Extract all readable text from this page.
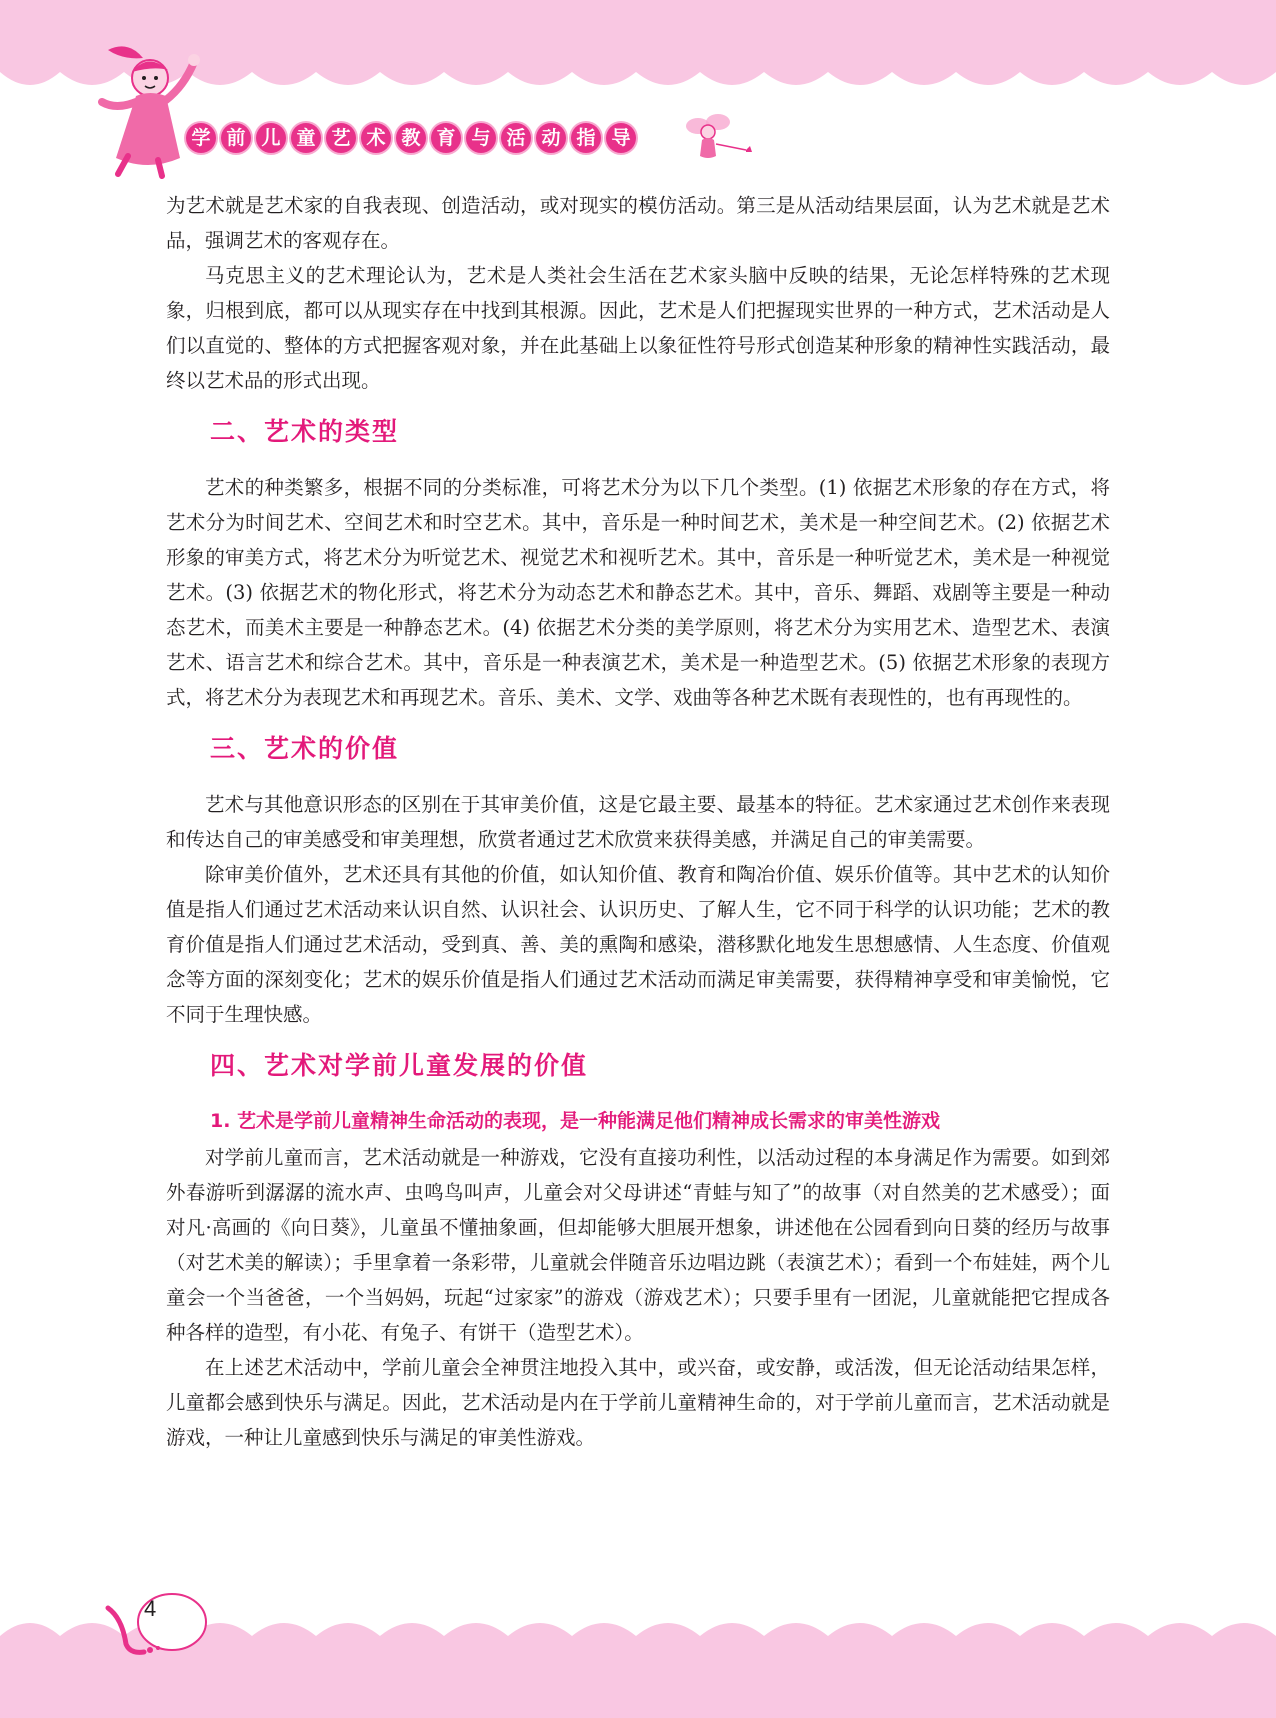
学 前 儿 童 艺 术 教 育 与 活 动 指 导

为艺术就是艺术家的自我表现、创造活动，或对现实的模仿活动。第三是从活动结果层面，认为艺术就是艺术品，强调艺术的客观存在。

马克思主义的艺术理论认为，艺术是人类社会生活在艺术家头脑中反映的结果，无论怎样特殊的艺术现象，归根到底，都可以从现实存在中找到其根源。因此，艺术是人们把握现实世界的一种方式，艺术活动是人们以直觉的、整体的方式把握客观对象，并在此基础上以象征性符号形式创造某种形象的精神性实践活动，最终以艺术品的形式出现。

二、艺术的类型

艺术的种类繁多，根据不同的分类标准，可将艺术分为以下几个类型。(1) 依据艺术形象的存在方式，将艺术分为时间艺术、空间艺术和时空艺术。其中，音乐是一种时间艺术，美术是一种空间艺术。(2) 依据艺术形象的审美方式，将艺术分为听觉艺术、视觉艺术和视听艺术。其中，音乐是一种听觉艺术，美术是一种视觉艺术。(3) 依据艺术的物化形式，将艺术分为动态艺术和静态艺术。其中，音乐、舞蹈、戏剧等主要是一种动态艺术，而美术主要是一种静态艺术。(4) 依据艺术分类的美学原则，将艺术分为实用艺术、造型艺术、表演艺术、语言艺术和综合艺术。其中，音乐是一种表演艺术，美术是一种造型艺术。(5) 依据艺术形象的表现方式，将艺术分为表现艺术和再现艺术。音乐、美术、文学、戏曲等各种艺术既有表现性的，也有再现性的。

三、艺术的价值

艺术与其他意识形态的区别在于其审美价值，这是它最主要、最基本的特征。艺术家通过艺术创作来表现和传达自己的审美感受和审美理想，欣赏者通过艺术欣赏来获得美感，并满足自己的审美需要。

除审美价值外，艺术还具有其他的价值，如认知价值、教育和陶冶价值、娱乐价值等。其中艺术的认知价值是指人们通过艺术活动来认识自然、认识社会、认识历史、了解人生，它不同于科学的认识功能；艺术的教育价值是指人们通过艺术活动，受到真、善、美的熏陶和感染，潜移默化地发生思想感情、人生态度、价值观念等方面的深刻变化；艺术的娱乐价值是指人们通过艺术活动而满足审美需要，获得精神享受和审美愉悦，它不同于生理快感。

四、艺术对学前儿童发展的价值
1. 艺术是学前儿童精神生命活动的表现，是一种能满足他们精神成长需求的审美性游戏

对学前儿童而言，艺术活动就是一种游戏，它没有直接功利性，以活动过程的本身满足作为需要。如到郊外春游听到潺潺的流水声、虫鸣鸟叫声，儿童会对父母讲述“青蛙与知了”的故事（对自然美的艺术感受）；面对凡·高画的《向日葵》，儿童虽不懂抽象画，但却能够大胆展开想象，讲述他在公园看到向日葵的经历与故事（对艺术美的解读）；手里拿着一条彩带，儿童就会伴随音乐边唱边跳（表演艺术）；看到一个布娃娃，两个儿童会一个当爸爸，一个当妈妈，玩起“过家家”的游戏（游戏艺术）；只要手里有一团泥，儿童就能把它捏成各种各样的造型，有小花、有兔子、有饼干（造型艺术）。

在上述艺术活动中，学前儿童会全神贯注地投入其中，或兴奋，或安静，或活泼，但无论活动结果怎样，儿童都会感到快乐与满足。因此，艺术活动是内在于学前儿童精神生命的，对于学前儿童而言，艺术活动就是游戏，一种让儿童感到快乐与满足的审美性游戏。

4
